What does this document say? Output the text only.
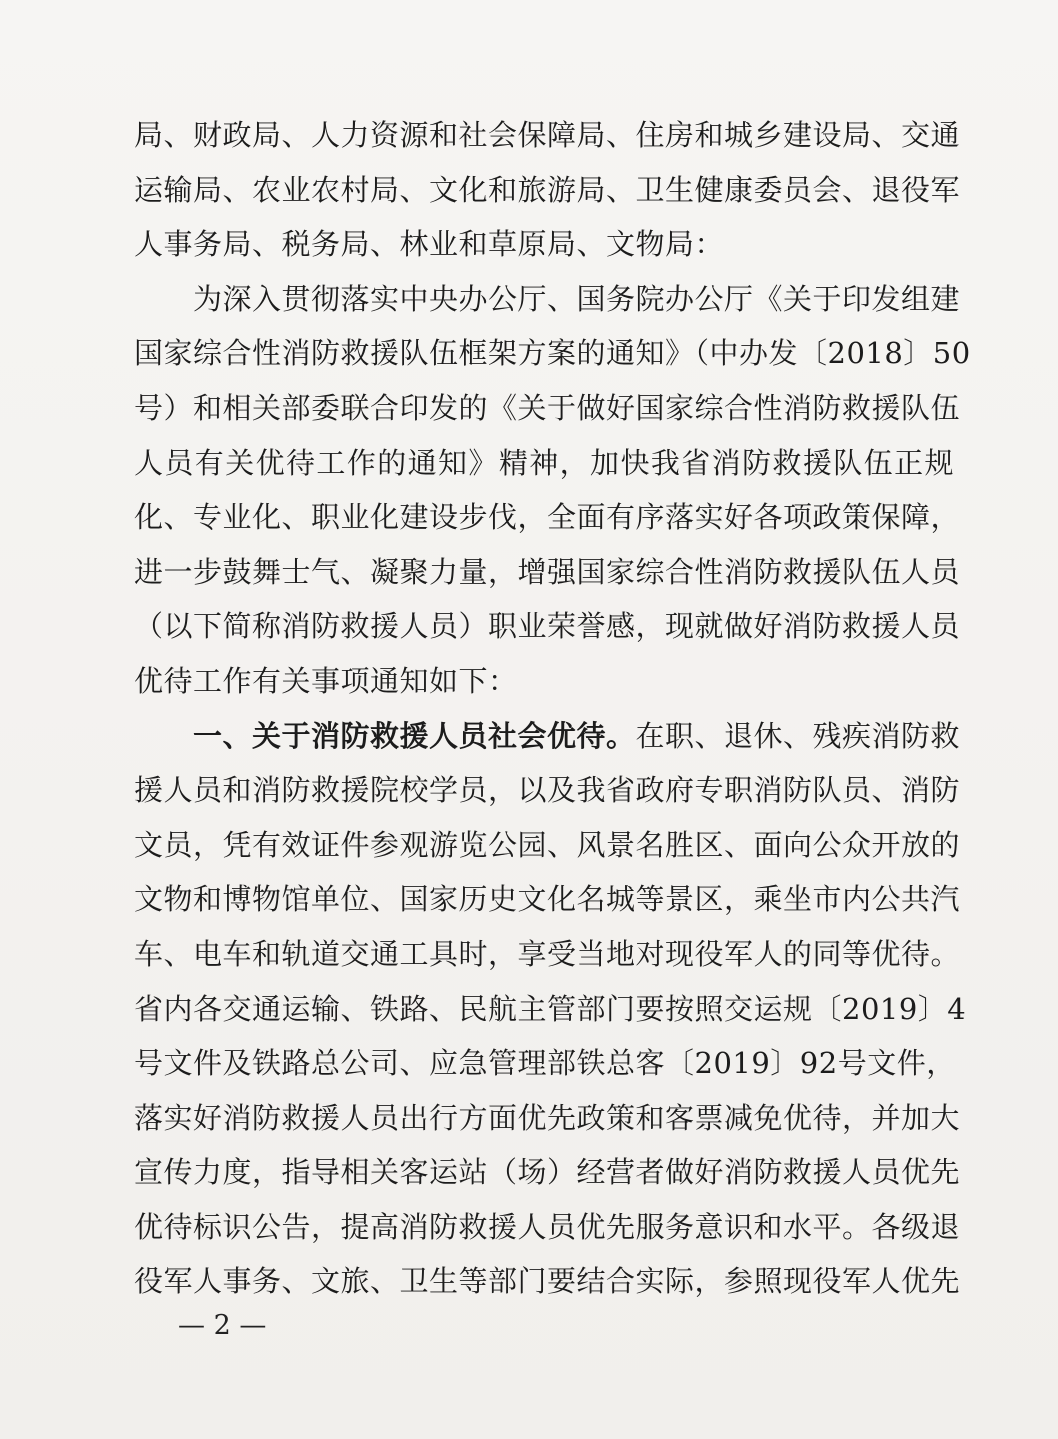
局、财政局、人力资源和社会保障局、住房和城乡建设局、交通
运输局、农业农村局、文化和旅游局、卫生健康委员会、退役军
人事务局、税务局、林业和草原局、文物局：
　　为深入贯彻落实中央办公厅、国务院办公厅《关于印发组建
国家综合性消防救援队伍框架方案的通知》（中办发〔2018〕50
号）和相关部委联合印发的《关于做好国家综合性消防救援队伍
人员有关优待工作的通知》精神，加快我省消防救援队伍正规
化、专业化、职业化建设步伐，全面有序落实好各项政策保障，
进一步鼓舞士气、凝聚力量，增强国家综合性消防救援队伍人员
（以下简称消防救援人员）职业荣誉感，现就做好消防救援人员
优待工作有关事项通知如下：
　　一、关于消防救援人员社会优待。在职、退休、残疾消防救
援人员和消防救援院校学员，以及我省政府专职消防队员、消防
文员，凭有效证件参观游览公园、风景名胜区、面向公众开放的
文物和博物馆单位、国家历史文化名城等景区，乘坐市内公共汽
车、电车和轨道交通工具时，享受当地对现役军人的同等优待。
省内各交通运输、铁路、民航主管部门要按照交运规〔2019〕4
号文件及铁路总公司、应急管理部铁总客〔2019〕92号文件，
落实好消防救援人员出行方面优先政策和客票减免优待，并加大
宣传力度，指导相关客运站（场）经营者做好消防救援人员优先
优待标识公告，提高消防救援人员优先服务意识和水平。各级退
役军人事务、文旅、卫生等部门要结合实际，参照现役军人优先
— 2 —
